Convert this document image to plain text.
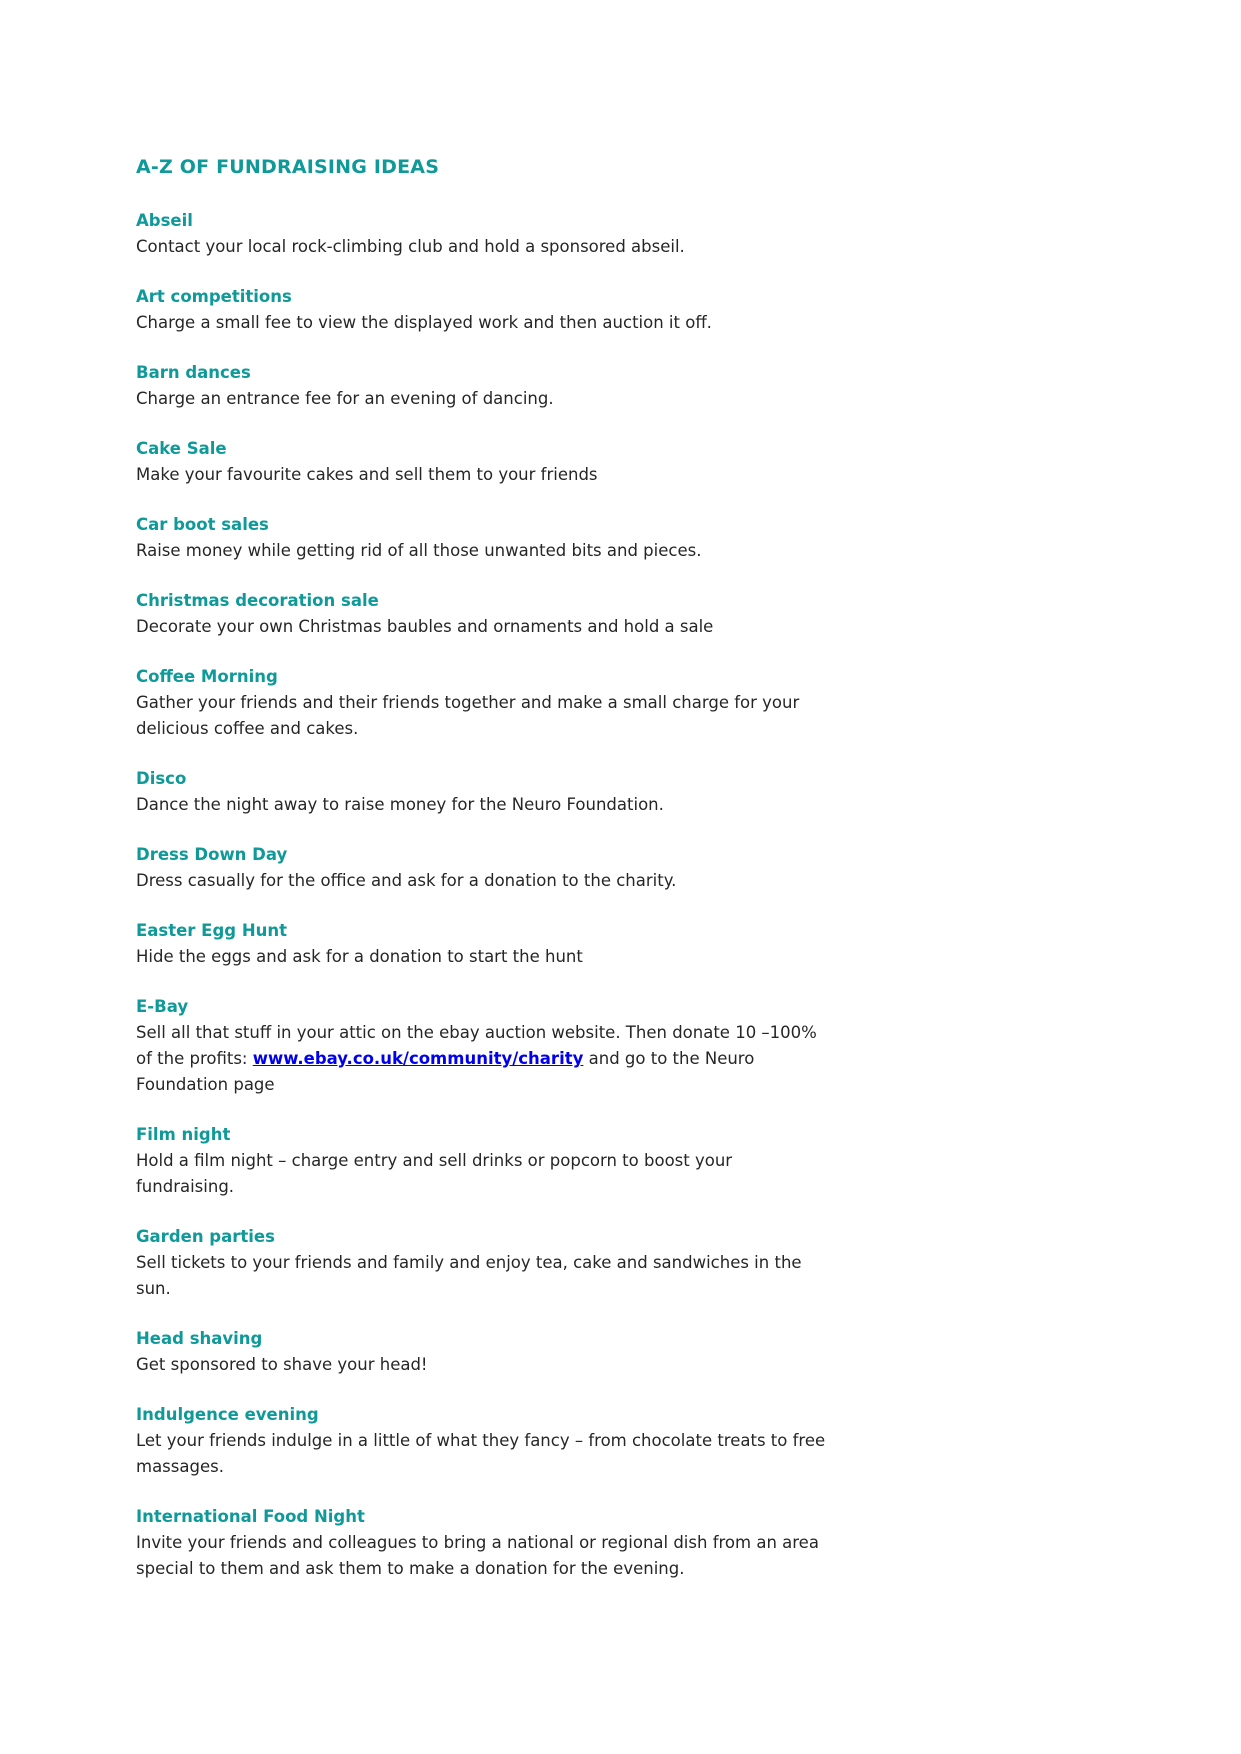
A-Z OF FUNDRAISING IDEAS
Abseil

Contact your local rock-climbing club and hold a sponsored abseil.

Art competitions

Charge a small fee to view the displayed work and then auction it off.

Barn dances

Charge an entrance fee for an evening of dancing.

Cake Sale

Make your favourite cakes and sell them to your friends

Car boot sales

Raise money while getting rid of all those unwanted bits and pieces.

Christmas decoration sale

Decorate your own Christmas baubles and ornaments and hold a sale

Coffee Morning

Gather your friends and their friends together and make a small charge for your
delicious coffee and cakes.

Disco

Dance the night away to raise money for the Neuro Foundation.

Dress Down Day

Dress casually for the office and ask for a donation to the charity.

Easter Egg Hunt

Hide the eggs and ask for a donation to start the hunt

E-Bay

Sell all that stuff in your attic on the ebay auction website. Then donate 10 –100%
of the profits: www.ebay.co.uk/community/charity and go to the Neuro
Foundation page

Film night

Hold a film night – charge entry and sell drinks or popcorn to boost your
fundraising.

Garden parties

Sell tickets to your friends and family and enjoy tea, cake and sandwiches in the
sun.

Head shaving

Get sponsored to shave your head!

Indulgence evening

Let your friends indulge in a little of what they fancy – from chocolate treats to free
massages.

International Food Night

Invite your friends and colleagues to bring a national or regional dish from an area
special to them and ask them to make a donation for the evening.
